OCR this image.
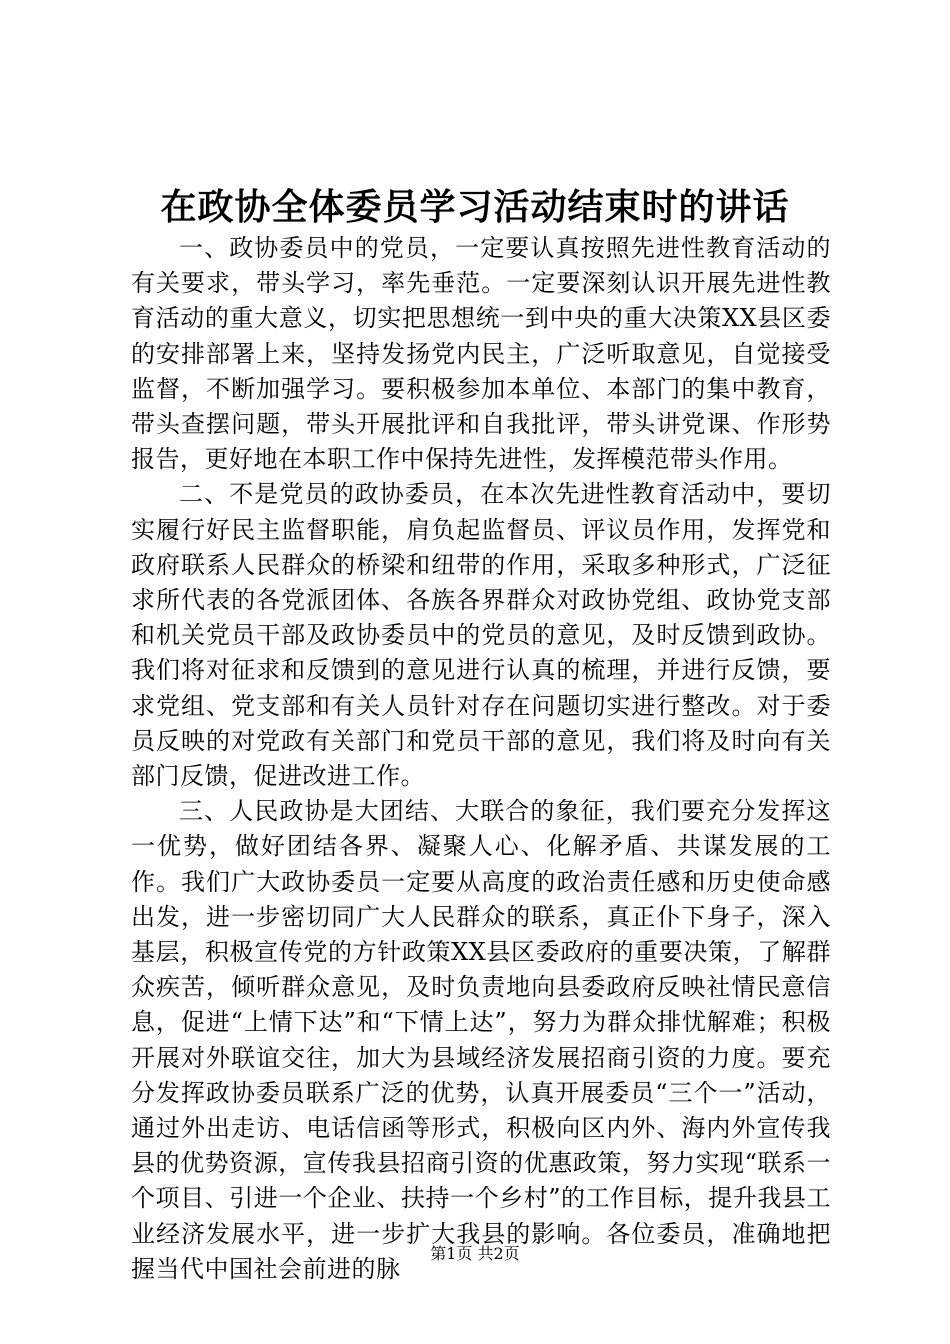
在政协全体委员学习活动结束时的讲话

一、政协委员中的党员，一定要认真按照先进性教育活动的有关要求，带头学习，率先垂范。一定要深刻认识开展先进性教育活动的重大意义，切实把思想统一到中央的重大决策XX县区委的安排部署上来，坚持发扬党内民主，广泛听取意见，自觉接受监督，不断加强学习。要积极参加本单位、本部门的集中教育，带头查摆问题，带头开展批评和自我批评，带头讲党课、作形势报告，更好地在本职工作中保持先进性，发挥模范带头作用。

二、不是党员的政协委员，在本次先进性教育活动中，要切实履行好民主监督职能，肩负起监督员、评议员作用，发挥党和政府联系人民群众的桥梁和纽带的作用，采取多种形式，广泛征求所代表的各党派团体、各族各界群众对政协党组、政协党支部和机关党员干部及政协委员中的党员的意见，及时反馈到政协。我们将对征求和反馈到的意见进行认真的梳理，并进行反馈，要求党组、党支部和有关人员针对存在问题切实进行整改。对于委员反映的对党政有关部门和党员干部的意见，我们将及时向有关部门反馈，促进改进工作。

三、人民政协是大团结、大联合的象征，我们要充分发挥这一优势，做好团结各界、凝聚人心、化解矛盾、共谋发展的工作。我们广大政协委员一定要从高度的政治责任感和历史使命感出发，进一步密切同广大人民群众的联系，真正仆下身子，深入基层，积极宣传党的方针政策XX县区委政府的重要决策，了解群众疾苦，倾听群众意见，及时负责地向县委政府反映社情民意信息，促进“上情下达”和“下情上达”，努力为群众排忧解难；积极开展对外联谊交往，加大为县域经济发展招商引资的力度。要充分发挥政协委员联系广泛的优势，认真开展委员“三个一”活动，通过外出走访、电话信函等形式，积极向区内外、海内外宣传我县的优势资源，宣传我县招商引资的优惠政策，努力实现“联系一个项目、引进一个企业、扶持一个乡村”的工作目标，提升我县工业经济发展水平，进一步扩大我县的影响。各位委员，准确地把握当代中国社会前进的脉

第1页 共2页
